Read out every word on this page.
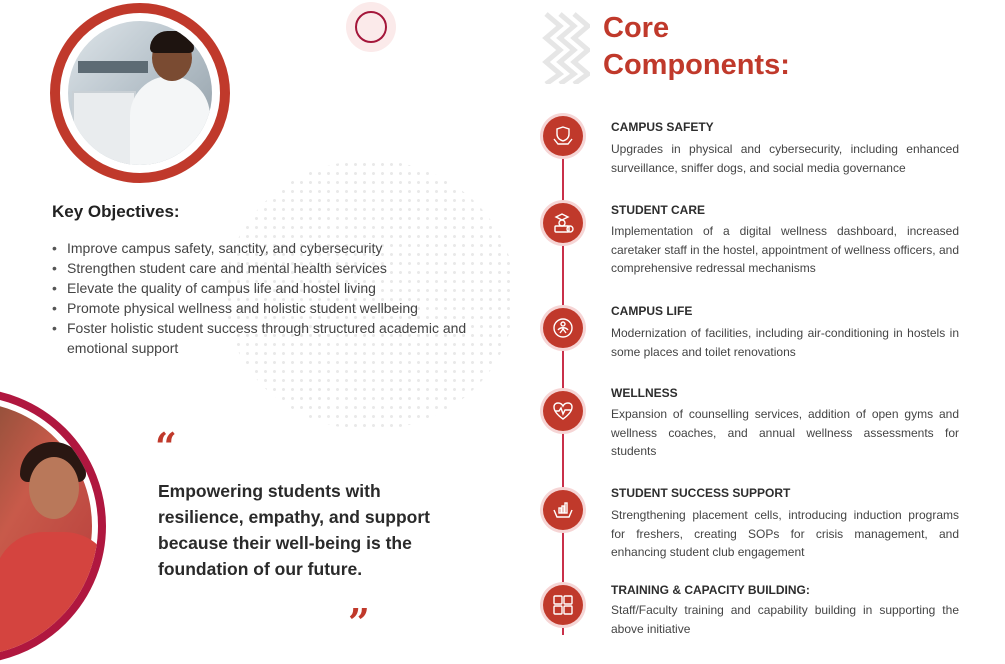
Key Objectives:
• Improve campus safety, sanctity, and cybersecurity
• Strengthen student care and mental health services
• Elevate the quality of campus life and hostel living
• Promote physical wellness and holistic student wellbeing
• Foster holistic student success through structured academic and emotional support
“

Empowering students with resilience, empathy, and support because their well-being is the foundation of our future.

”
Core
Components:

CAMPUS SAFETY

Upgrades in physical and cybersecurity, including enhanced surveillance, sniffer dogs, and social media governance

STUDENT CARE

Implementation of a digital wellness dashboard, increased caretaker staff in the hostel, appointment of wellness officers, and comprehensive redressal mechanisms

CAMPUS LIFE

Modernization of facilities, including air-conditioning in hostels in some places and toilet renovations

WELLNESS

Expansion of counselling services, addition of open gyms and wellness coaches, and annual wellness assessments for students

STUDENT SUCCESS SUPPORT

Strengthening placement cells, introducing induction programs for freshers, creating SOPs for crisis management, and enhancing student club engagement

TRAINING & CAPACITY BUILDING:

Staff/Faculty training and capability building in supporting the above initiative
